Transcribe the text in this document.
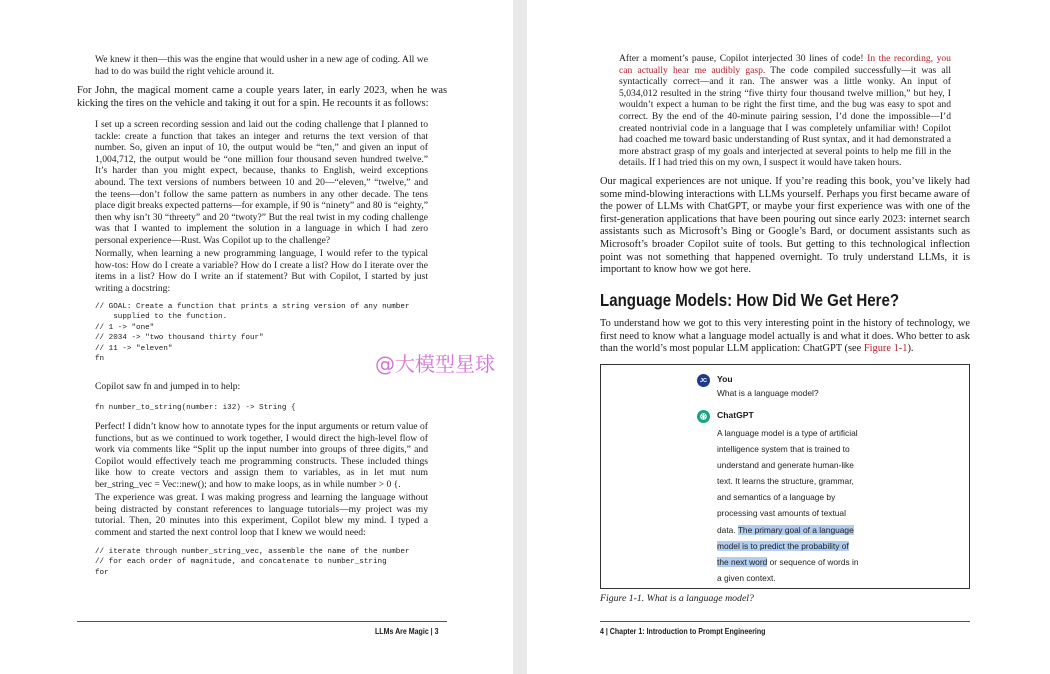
We knew it then—this was the engine that would usher in a new age of coding. All we had to do was build the right vehicle around it.

For John, the magical moment came a couple years later, in early 2023, when he was kicking the tires on the vehicle and taking it out for a spin. He recounts it as follows:

I set up a screen recording session and laid out the coding challenge that I planned to tackle: create a function that takes an integer and returns the text version of that number. So, given an input of 10, the output would be “ten,” and given an input of 1,004,712, the output would be “one million four thousand seven hundred twelve.” It’s harder than you might expect, because, thanks to English, weird exceptions abound. The text versions of numbers between 10 and 20—“eleven,” “twelve,” and the teens—don’t follow the same pattern as numbers in any other decade. The tens place digit breaks expected patterns—for example, if 90 is “ninety” and 80 is “eighty,” then why isn’t 30 “threety” and 20 “twoty?” But the real twist in my coding challenge was that I wanted to implement the solution in a language in which I had zero personal experience—Rust. Was Copilot up to the challenge?

Normally, when learning a new programming language, I would refer to the typical how-tos: How do I create a variable? How do I create a list? How do I iterate over the items in a list? How do I write an if statement? But with Copilot, I started by just writing a docstring:

// GOAL: Create a function that prints a string version of any number
supplied to the function.
// 1 -> "one"
// 2034 -> "two thousand thirty four"
// 11 -> "eleven"
fn

Copilot saw fn and jumped in to help:

fn number_to_string(number: i32) -> String {

Perfect! I didn’t know how to annotate types for the input arguments or return value of functions, but as we continued to work together, I would direct the high-level flow of work via comments like “Split up the input number into groups of three digits,” and Copilot would effectively teach me programming constructs. These included things like how to create vectors and assign them to variables, as in let mut num ber_string_vec = Vec::new(); and how to make loops, as in while number > 0 {.

The experience was great. I was making progress and learning the language without being distracted by constant references to language tutorials—my project was my tutorial. Then, 20 minutes into this experiment, Copilot blew my mind. I typed a comment and started the next control loop that I knew we would need:

// iterate through number_string_vec, assemble the name of the number
// for each order of magnitude, and concatenate to number_string
for
LLMs Are Magic | 3

After a moment’s pause, Copilot interjected 30 lines of code! In the recording, you can actually hear me audibly gasp. The code compiled successfully—it was all syntactically correct—and it ran. The answer was a little wonky. An input of 5,034,012 resulted in the string “five thirty four thousand twelve million,” but hey, I wouldn’t expect a human to be right the first time, and the bug was easy to spot and correct. By the end of the 40-minute pairing session, I’d done the impossible—I’d created nontrivial code in a language that I was completely unfamiliar with! Copilot had coached me toward basic understanding of Rust syntax, and it had demonstrated a more abstract grasp of my goals and interjected at several points to help me fill in the details. If I had tried this on my own, I suspect it would have taken hours.

Our magical experiences are not unique. If you’re reading this book, you’ve likely had some mind-blowing interactions with LLMs yourself. Perhaps you first became aware of the power of LLMs with ChatGPT, or maybe your first experience was with one of the first-generation applications that have been pouring out since early 2023: internet search assistants such as Microsoft’s Bing or Google’s Bard, or document assistants such as Microsoft’s broader Copilot suite of tools. But getting to this technological inflection point was not something that happened overnight. To truly understand LLMs, it is important to know how we got here.

Language Models: How Did We Get Here?

To understand how we got to this very interesting point in the history of technology, we first need to know what a language model actually is and what it does. Who better to ask than the world’s most popular LLM application: ChatGPT (see Figure 1-1).

JC	You
What is a language model?
ChatGPT
A language model is a type of artificial
intelligence system that is trained to
understand and generate human-like
text. It learns the structure, grammar,
and semantics of a language by
processing vast amounts of textual
data. The primary goal of a language
model is to predict the probability of
the next word or sequence of words in
a given context.
Figure 1-1. What is a language model?
4 | Chapter 1: Introduction to Prompt Engineering
@大模型星球
